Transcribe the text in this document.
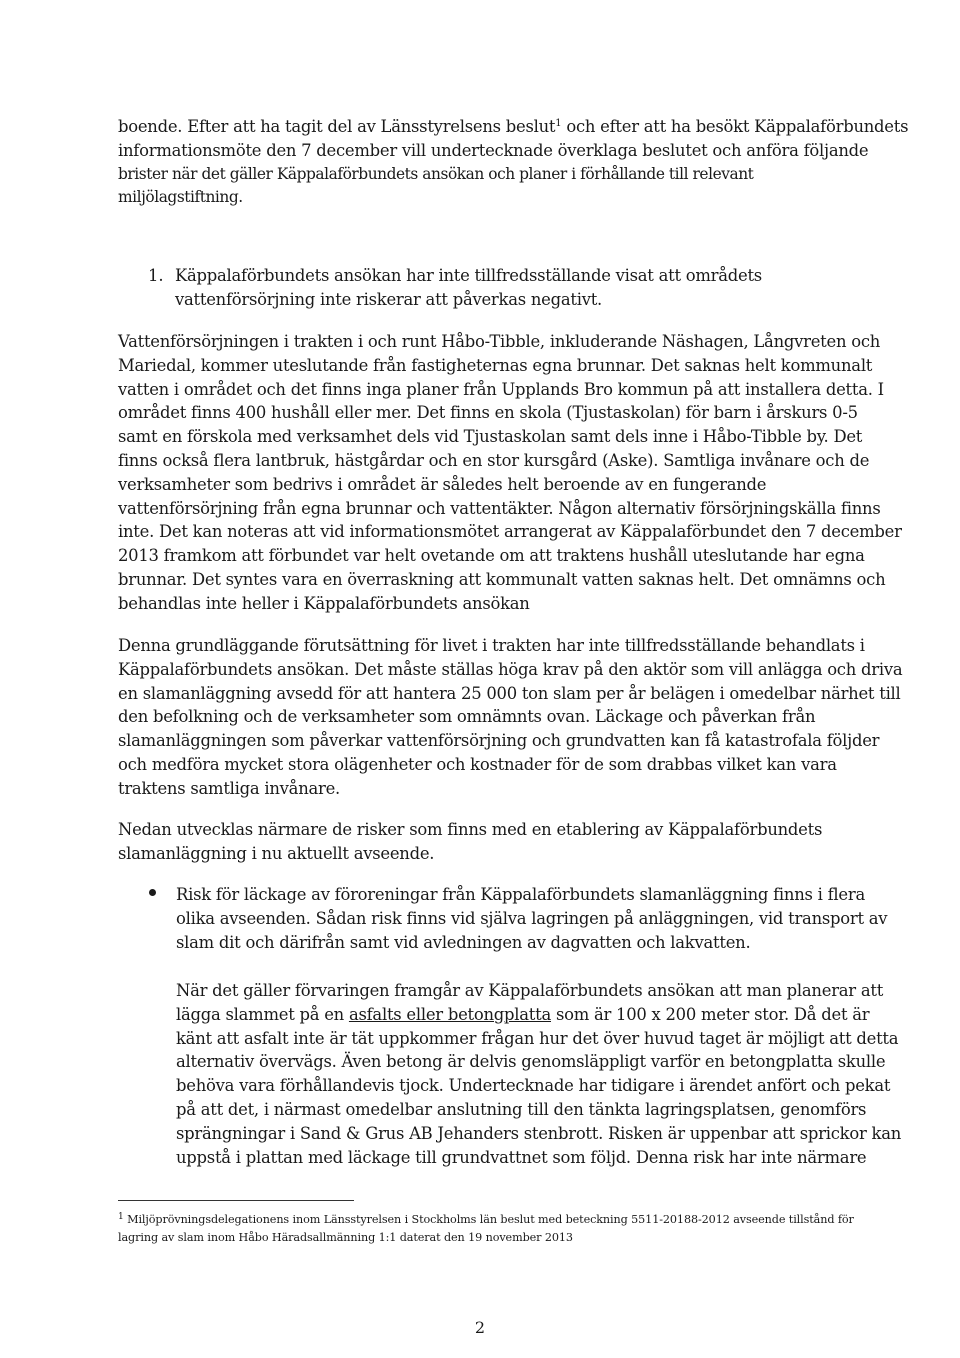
boende. Efter att ha tagit del av Länsstyrelsens beslut$^1$ och efter att ha besökt Käppalaförbundets
informationsmöte den 7 december vill undertecknade överklaga beslutet och anföra följande
brister när det gäller Käppalaförbundets ansökan och planer i förhållande till relevant
miljölagstiftning.
1. Käppalaförbundets ansökan har inte tillfredsställande visat att områdets
vattenförsörjning inte riskerar att påverkas negativt.
Vattenförsörjningen i trakten i och runt Håbo-Tibble, inkluderande Näshagen, Långvreten och
Mariedal, kommer uteslutande från fastigheternas egna brunnar. Det saknas helt kommunalt
vatten i området och det finns inga planer från Upplands Bro kommun på att installera detta. I
området finns 400 hushåll eller mer. Det finns en skola (Tjustaskolan) för barn i årskurs 0-5
samt en förskola med verksamhet dels vid Tjustaskolan samt dels inne i Håbo-Tibble by. Det
finns också flera lantbruk, hästgårdar och en stor kursgård (Aske). Samtliga invånare och de
verksamheter som bedrivs i området är således helt beroende av en fungerande
vattenförsörjning från egna brunnar och vattentäkter. Någon alternativ försörjningskälla finns
inte. Det kan noteras att vid informationsmötet arrangerat av Käppalaförbundet den 7 december
2013 framkom att förbundet var helt ovetande om att traktens hushåll uteslutande har egna
brunnar. Det syntes vara en överraskning att kommunalt vatten saknas helt. Det omnämns och
behandlas inte heller i Käppalaförbundets ansökan
Denna grundläggande förutsättning för livet i trakten har inte tillfredsställande behandlats i
Käppalaförbundets ansökan. Det måste ställas höga krav på den aktör som vill anlägga och driva
en slamanläggning avsedd för att hantera 25 000 ton slam per år belägen i omedelbar närhet till
den befolkning och de verksamheter som omnämnts ovan. Läckage och påverkan från
slamanläggningen som påverkar vattenförsörjning och grundvatten kan få katastrofala följder
och medföra mycket stora olägenheter och kostnader för de som drabbas vilket kan vara
traktens samtliga invånare.
Nedan utvecklas närmare de risker som finns med en etablering av Käppalaförbundets
slamanläggning i nu aktuellt avseende.
Risk för läckage av föroreningar från Käppalaförbundets slamanläggning finns i flera
olika avseenden. Sådan risk finns vid själva lagringen på anläggningen, vid transport av
slam dit och därifrån samt vid avledningen av dagvatten och lakvatten.
När det gäller förvaringen framgår av Käppalaförbundets ansökan att man planerar att
lägga slammet på en asfalts eller betongplatta som är 100 x 200 meter stor. Då det är
känt att asfalt inte är tät uppkommer frågan hur det över huvud taget är möjligt att detta
alternativ övervägs. Även betong är delvis genomsläppligt varför en betongplatta skulle
behöva vara förhållandevis tjock. Undertecknade har tidigare i ärendet anfört och pekat
på att det, i närmast omedelbar anslutning till den tänkta lagringsplatsen, genomförs
sprängningar i Sand & Grus AB Jehanders stenbrott. Risken är uppenbar att sprickor kan
uppstå i plattan med läckage till grundvattnet som följd. Denna risk har inte närmare
$^1$ Miljöprövningsdelegationens inom Länsstyrelsen i Stockholms län beslut med beteckning 5511-20188-2012 avseende tillstånd för
lagring av slam inom Håbo Häradsallmänning 1:1 daterat den 19 november 2013
2
